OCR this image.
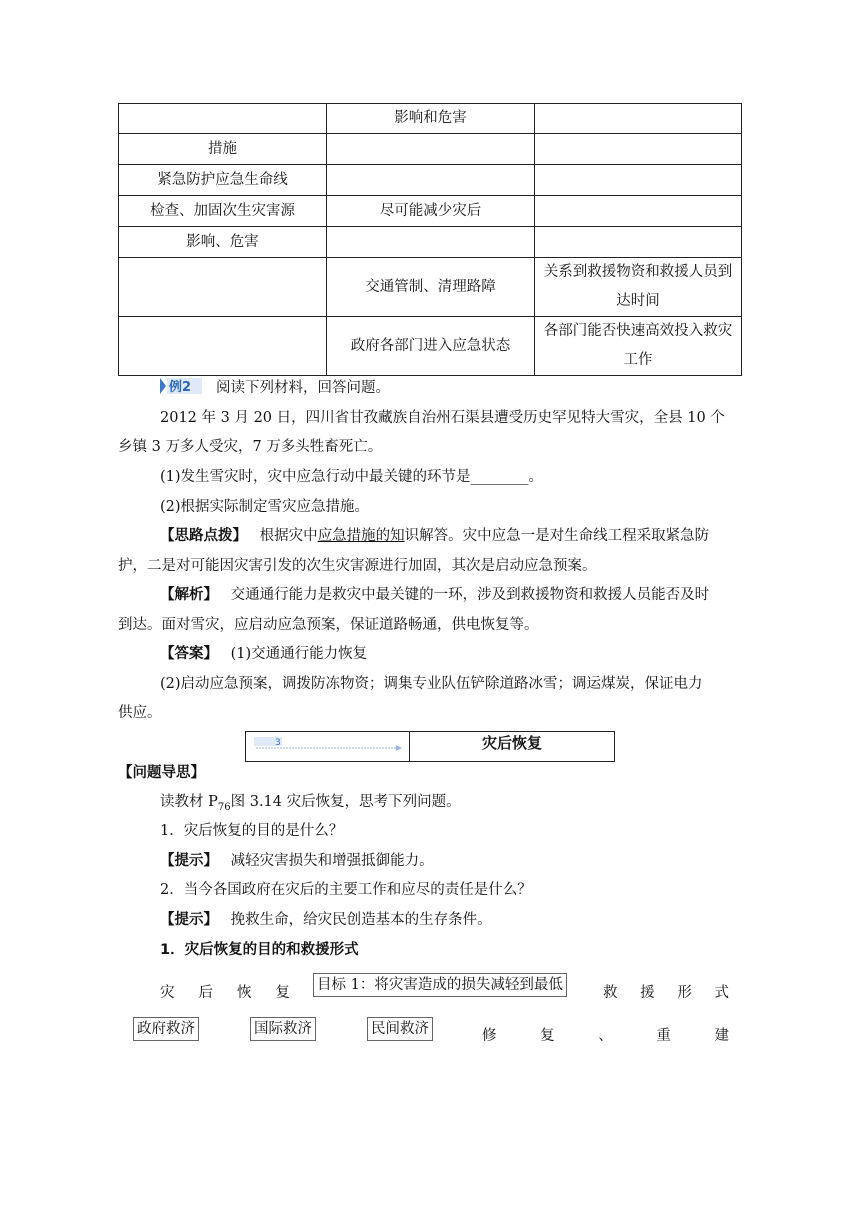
	影响和危害	
措施		
紧急防护应急生命线		
检查、加固次生灾害源	尽可能减少灾后	
影响、危害		
	交通管制、清理路障	关系到救援物资和救援人员到达时间
	政府各部门进入应急状态	各部门能否快速高效投入救灾工作
例2 阅读下列材料，回答问题。
2012 年 3 月 20 日，四川省甘孜藏族自治州石渠县遭受历史罕见特大雪灾，全县 10 个
乡镇 3 万多人受灾，7 万多头牲畜死亡。
(1)发生雪灾时，灾中应急行动中最关键的环节是________。
(2)根据实际制定雪灾应急措施。
【思路点拨】 根据灾中应急措施的知识解答。灾中应急一是对生命线工程采取紧急防
护，二是对可能因灾害引发的次生灾害源进行加固，其次是启动应急预案。
【解析】 交通通行能力是救灾中最关键的一环，涉及到救援物资和救援人员能否及时
到达。面对雪灾，应启动应急预案，保证道路畅通，供电恢复等。
【答案】 (1)交通通行能力恢复
(2)启动应急预案，调拨防冻物资；调集专业队伍铲除道路冰雪；调运煤炭，保证电力
供应。
3	灾后恢复
【问题导思】
读教材 $P_{76}$图 3.14 灾后恢复，思考下列问题。
1．灾后恢复的目的是什么？
【提示】 减轻灾害损失和增强抵御能力。
2．当今各国政府在灾后的主要工作和应尽的责任是什么？
【提示】 挽救生命，给灾民创造基本的生存条件。
1．灾后恢复的目的和救援形式
灾 后 恢 复 目标 1：将灾害造成的损失减轻到最低	救 援 形 式
政府救济	国际救济	民间救济	修	复	、	重	建
